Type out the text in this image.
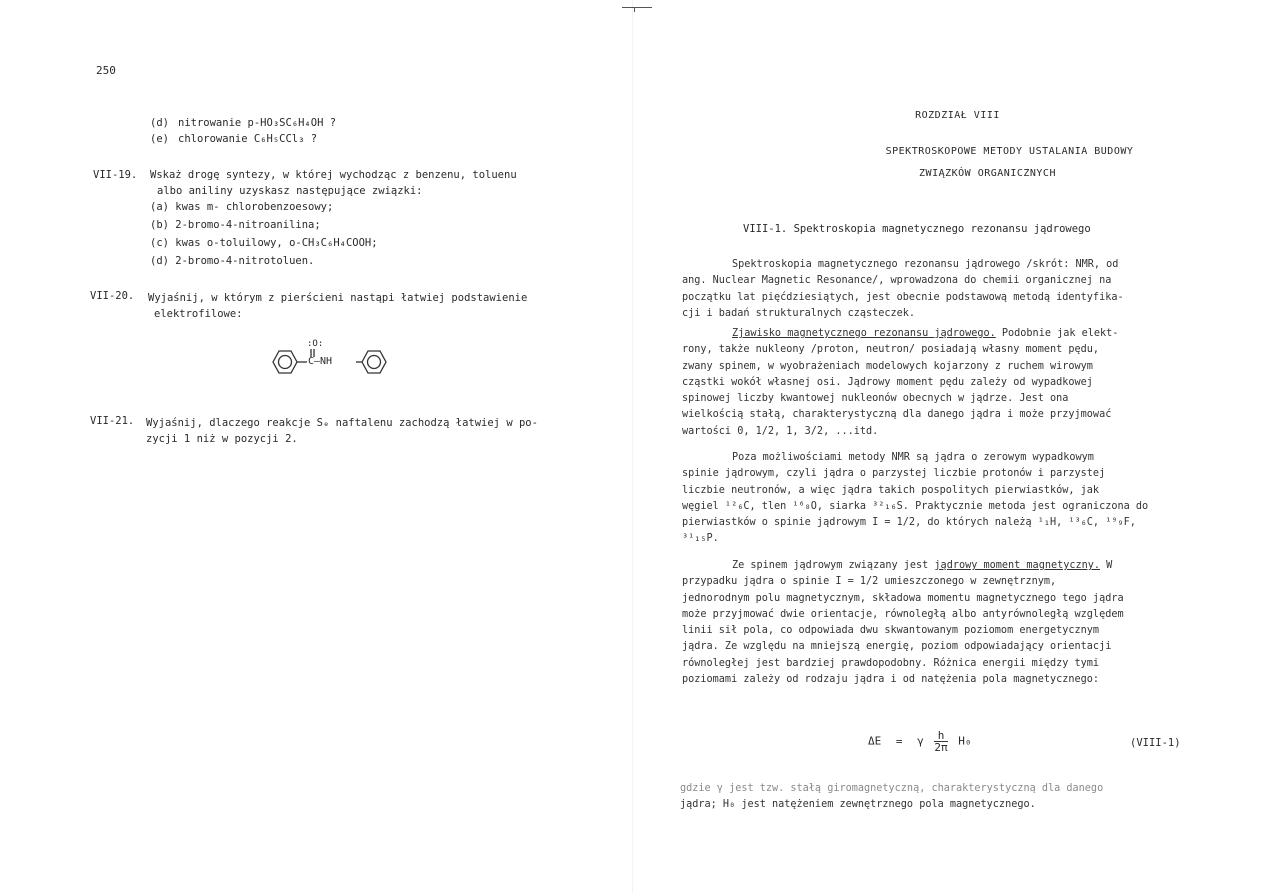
250
(d) nitrowanie p-HO₃SC₆H₄OH ?
(e) chlorowanie C₆H₅CCl₃ ?
VII-19. Wskaż drogę syntezy, w której wychodząc z benzenu, toluenu
albo aniliny uzyskasz następujące związki:
(a) kwas m- chlorobenzoesowy;
(b) 2-bromo-4-nitroanilina;
(c) kwas o-toluilowy, o-CH₃C₆H₄COOH;
(d) 2-bromo-4-nitrotoluen.
VII-20. Wyjaśnij, w którym z pierścieni nastąpi łatwiej podstawienie
elektrofilowe:
:O:
C–NH
VII-21. Wyjaśnij, dlaczego reakcje Sₑ naftalenu zachodzą łatwiej w po-
zycji 1 niż w pozycji 2.
ROZDZIAŁ VIII
SPEKTROSKOPOWE METODY USTALANIA BUDOWY
ZWIĄZKÓW ORGANICZNYCH
VIII-1. Spektroskopia magnetycznego rezonansu jądrowego
Spektroskopia magnetycznego rezonansu jądrowego /skrót: NMR, od
ang. Nuclear Magnetic Resonance/, wprowadzona do chemii organicznej na
początku lat pięćdziesiątych, jest obecnie podstawową metodą identyfika-
cji i badań strukturalnych cząsteczek.
Zjawisko magnetycznego rezonansu jądrowego. Podobnie jak elekt-
rony, także nukleony /proton, neutron/ posiadają własny moment pędu,
zwany spinem, w wyobrażeniach modelowych kojarzony z ruchem wirowym
cząstki wokół własnej osi. Jądrowy moment pędu zależy od wypadkowej
spinowej liczby kwantowej nukleonów obecnych w jądrze. Jest ona
wielkością stałą, charakterystyczną dla danego jądra i może przyjmować
wartości 0, 1/2, 1, 3/2, ...itd.
Poza możliwościami metody NMR są jądra o zerowym wypadkowym
spinie jądrowym, czyli jądra o parzystej liczbie protonów i parzystej
liczbie neutronów, a więc jądra takich pospolitych pierwiastków, jak
węgiel ¹²₆C, tlen ¹⁶₈O, siarka ³²₁₆S. Praktycznie metoda jest ograniczona do
pierwiastków o spinie jądrowym I = 1/2, do których należą ¹₁H, ¹³₆C, ¹⁹₉F,
³¹₁₅P.
Ze spinem jądrowym związany jest jądrowy moment magnetyczny. W
przypadku jądra o spinie I = 1/2 umieszczonego w zewnętrznym,
jednorodnym polu magnetycznym, składowa momentu magnetycznego tego jądra
może przyjmować dwie orientacje, równoległą albo antyrównoległą względem
linii sił pola, co odpowiada dwu skwantowanym poziomom energetycznym
jądra. Ze względu na mniejszą energię, poziom odpowiadający orientacji
równoległej jest bardziej prawdopodobny. Różnica energii między tymi
poziomami zależy od rodzaju jądra i od natężenia pola magnetycznego:
gdzie γ jest tzw. stałą giromagnetyczną, charakterystyczną dla danego
jądra; H₀ jest natężeniem zewnętrznego pola magnetycznego.
ΔE = γ $\frac{h}{2\pi} H_0$	(VIII-1)
